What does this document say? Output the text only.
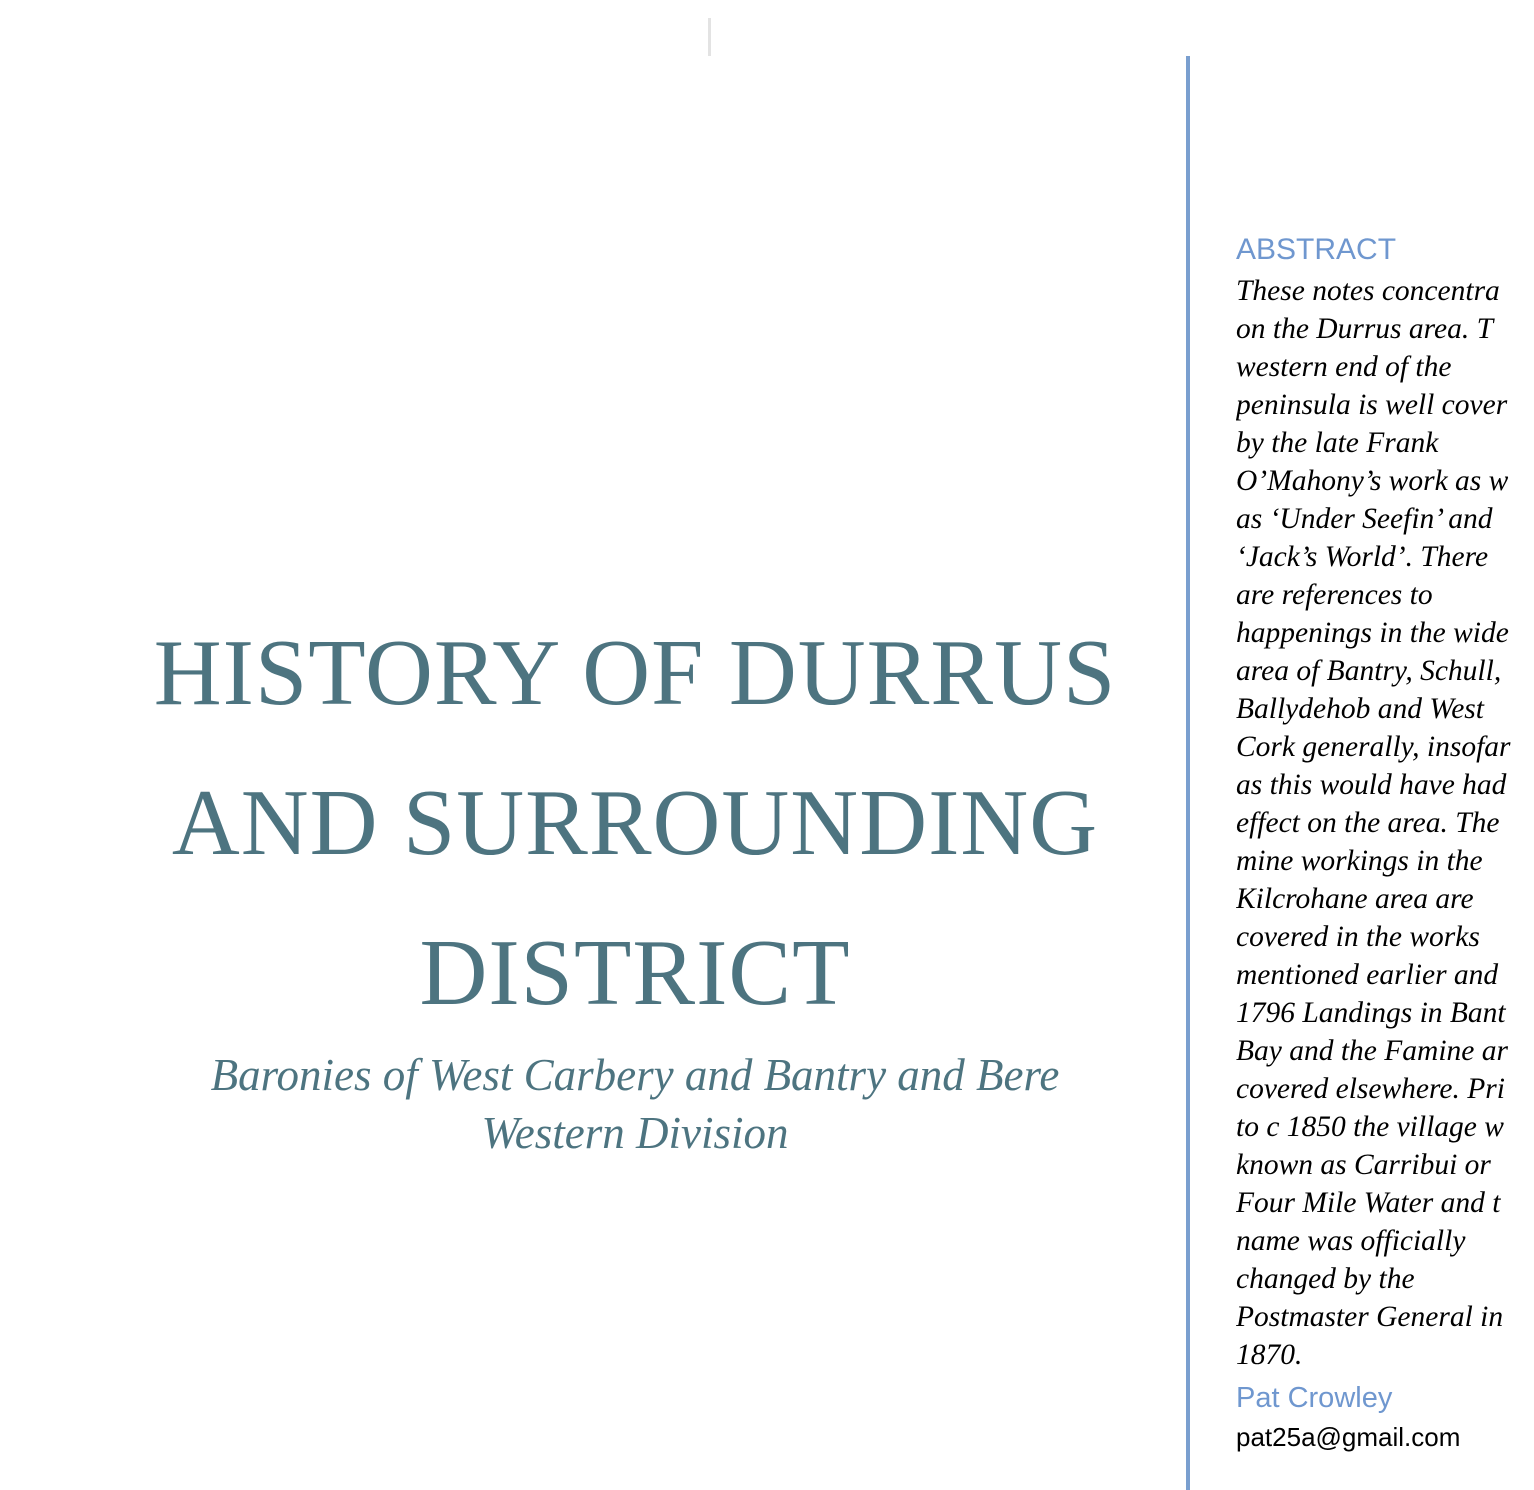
HISTORY OF DURRUS
AND SURROUNDING
DISTRICT
Baronies of West Carbery and Bantry and Bere
Western Division
ABSTRACT
These notes concentra
on the Durrus area. T
western end of the
peninsula is well cover
by the late Frank
O’Mahony’s work as w
as ‘Under Seefin’ and
‘Jack’s World’. There
are references to
happenings in the wide
area of Bantry, Schull,
Ballydehob and West
Cork generally, insofar
as this would have had
effect on the area. The
mine workings in the
Kilcrohane area are
covered in the works
mentioned earlier and
1796 Landings in Bant
Bay and the Famine ar
covered elsewhere. Pri
to c 1850 the village w
known as Carribui or
Four Mile Water and t
name was officially
changed by the
Postmaster General in
1870.
Pat Crowley
pat25a@gmail.com
